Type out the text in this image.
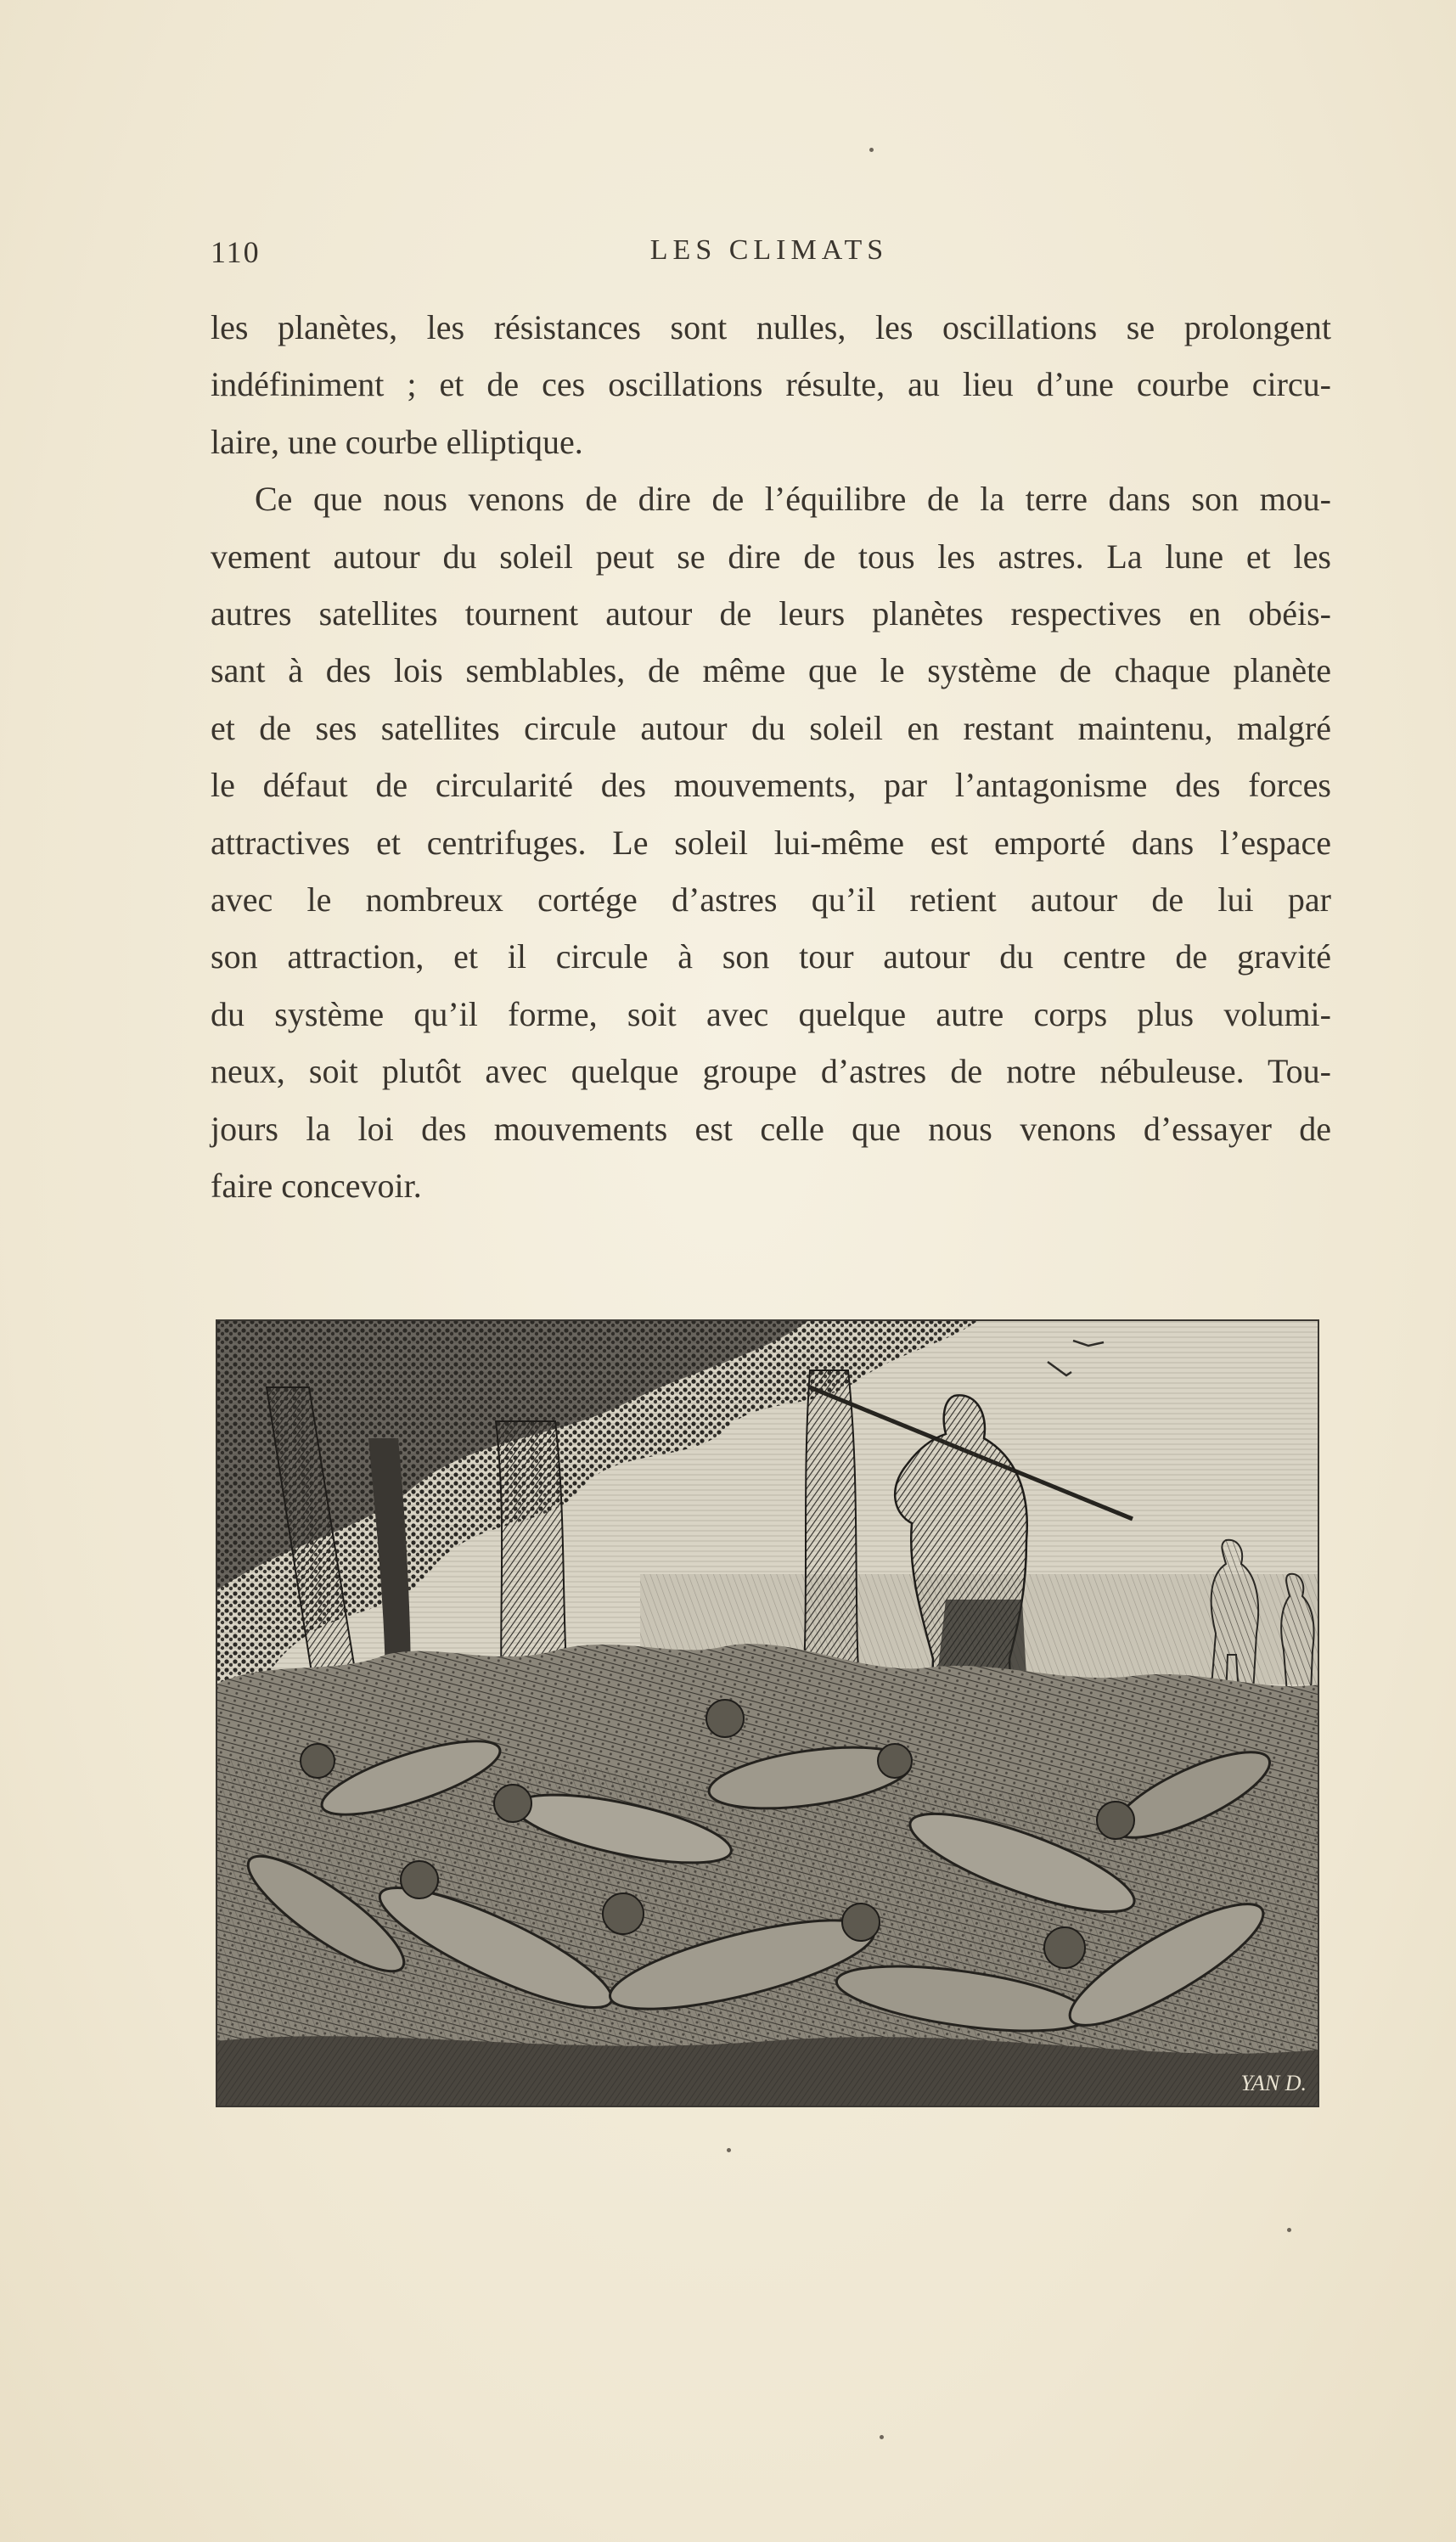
110	LES CLIMATS

les planètes, les résistances sont nulles, les oscillations se prolongent
indéfiniment ; et de ces oscillations résulte, au lieu d’une courbe circu-
laire, une courbe elliptique.

Ce que nous venons de dire de l’équilibre de la terre dans son mou-
vement autour du soleil peut se dire de tous les astres. La lune et les
autres satellites tournent autour de leurs planètes respectives en obéis-
sant à des lois semblables, de même que le système de chaque planète
et de ses satellites circule autour du soleil en restant maintenu, malgré
le défaut de circularité des mouvements, par l’antagonisme des forces
attractives et centrifuges. Le soleil lui-même est emporté dans l’espace
avec le nombreux cortége d’astres qu’il retient autour de lui par
son attraction, et il circule à son tour autour du centre de gravité
du système qu’il forme, soit avec quelque autre corps plus volumi-
neux, soit plutôt avec quelque groupe d’astres de notre nébuleuse. Tou-
jours la loi des mouvements est celle que nous venons d’essayer de
faire concevoir.

YAN D.
